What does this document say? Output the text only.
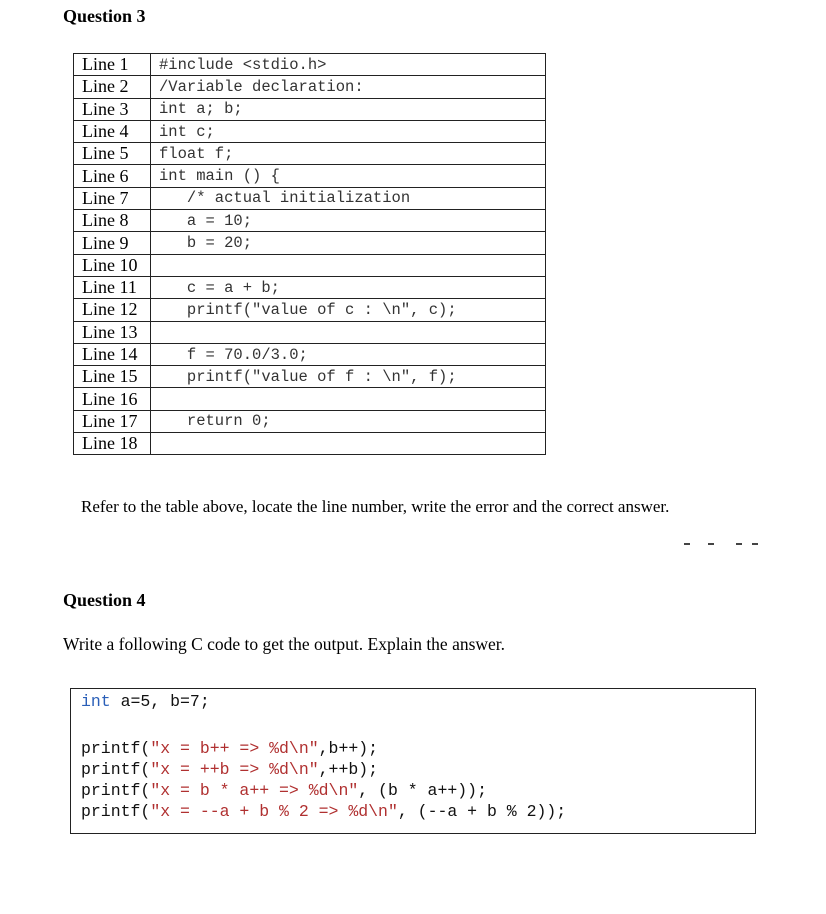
Question 3
Line 1	#include <stdio.h>
Line 2	/Variable declaration:
Line 3	int a; b;
Line 4	int c;
Line 5	float f;
Line 6	int main () {
Line 7	/* actual initialization
Line 8	a = 10;
Line 9	b = 20;
Line 10	
Line 11	c = a + b;
Line 12	printf("value of c : \n", c);
Line 13	
Line 14	f = 70.0/3.0;
Line 15	printf("value of f : \n", f);
Line 16	
Line 17	return 0;
Line 18	
Refer to the table above, locate the line number, write the error and the correct answer.
Question 4
Write a following C code to get the output. Explain the answer.
int a=5, b=7;
printf("x = b++ => %d\n",b++);
printf("x = ++b => %d\n",++b);
printf("x = b * a++ => %d\n", (b * a++));
printf("x = --a + b % 2 => %d\n", (--a + b % 2));
